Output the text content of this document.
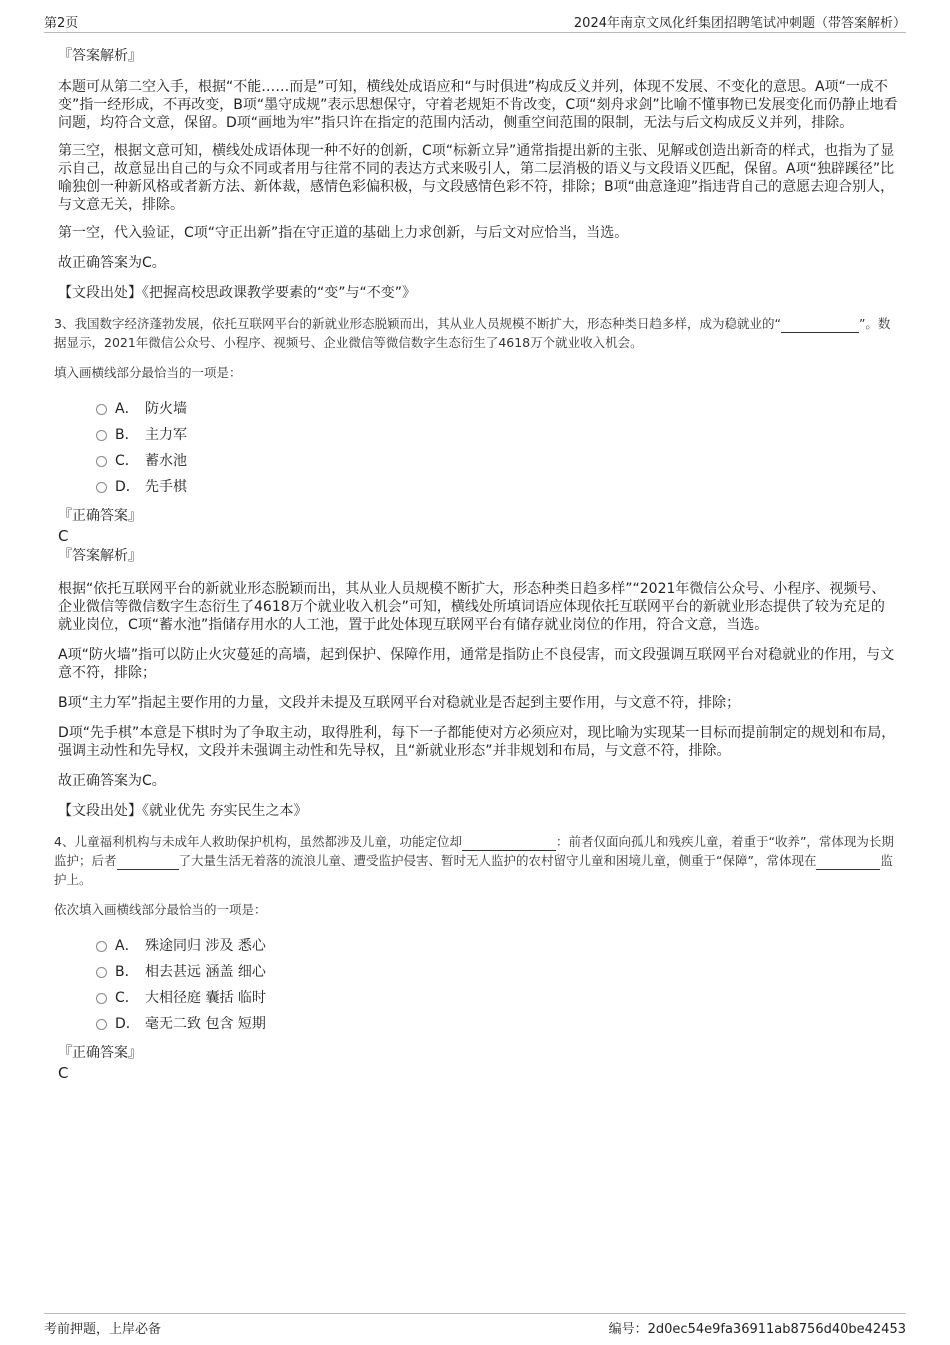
第2页	2024年南京文凤化纤集团招聘笔试冲刺题（带答案解析）

『答案解析』

本题可从第二空入手，根据“不能……而是”可知，横线处成语应和“与时俱进”构成反义并列，体现不发展、不变化的意思。A项“一成不变”指一经形成，不再改变，B项“墨守成规”表示思想保守，守着老规矩不肯改变，C项“刻舟求剑”比喻不懂事物已发展变化而仍静止地看问题，均符合文意，保留。D项“画地为牢”指只许在指定的范围内活动，侧重空间范围的限制，无法与后文构成反义并列，排除。

第三空，根据文意可知，横线处成语体现一种不好的创新，C项“标新立异”通常指提出新的主张、见解或创造出新奇的样式，也指为了显示自己，故意显出自己的与众不同或者用与往常不同的表达方式来吸引人，第二层消极的语义与文段语义匹配，保留。A项“独辟蹊径”比喻独创一种新风格或者新方法、新体裁，感情色彩偏积极，与文段感情色彩不符，排除；B项“曲意逢迎”指违背自己的意愿去迎合别人，与文意无关，排除。

第一空，代入验证，C项“守正出新”指在守正道的基础上力求创新，与后文对应恰当，当选。

故正确答案为C。

【文段出处】《把握高校思政课教学要素的“变”与“不变”》

3、我国数字经济蓬勃发展，依托互联网平台的新就业形态脱颖而出，其从业人员规模不断扩大，形态种类日趋多样，成为稳就业的“	”。数据显示，2021年微信公众号、小程序、视频号、企业微信等微信数字生态衍生了4618万个就业收入机会。

填入画横线部分最恰当的一项是：

A． 防火墙
B． 主力军
C． 蓄水池
D． 先手棋

『正确答案』

C

『答案解析』

根据“依托互联网平台的新就业形态脱颖而出，其从业人员规模不断扩大，形态种类日趋多样”“2021年微信公众号、小程序、视频号、企业微信等微信数字生态衍生了4618万个就业收入机会”可知，横线处所填词语应体现依托互联网平台的新就业形态提供了较为充足的就业岗位，C项“蓄水池”指储存用水的人工池，置于此处体现互联网平台有储存就业岗位的作用，符合文意，当选。

A项“防火墙”指可以防止火灾蔓延的高墙，起到保护、保障作用，通常是指防止不良侵害，而文段强调互联网平台对稳就业的作用，与文意不符，排除；

B项“主力军”指起主要作用的力量，文段并未提及互联网平台对稳就业是否起到主要作用，与文意不符，排除；

D项“先手棋”本意是下棋时为了争取主动，取得胜利，每下一子都能使对方必须应对，现比喻为实现某一目标而提前制定的规划和布局，强调主动性和先导权，文段并未强调主动性和先导权，且“新就业形态”并非规划和布局，与文意不符，排除。

故正确答案为C。

【文段出处】《就业优先 夯实民生之本》

4、儿童福利机构与未成年人救助保护机构，虽然都涉及儿童，功能定位却	：前者仅面向孤儿和残疾儿童，着重于“收养”，常体现为长期监护；后者	了大量生活无着落的流浪儿童、遭受监护侵害、暂时无人监护的农村留守儿童和困境儿童，侧重于“保障”，常体现在	监护上。

依次填入画横线部分最恰当的一项是：

A． 殊途同归 涉及 悉心
B． 相去甚远 涵盖 细心
C． 大相径庭 囊括 临时
D． 毫无二致 包含 短期

『正确答案』

C

考前押题，上岸必备	编号：2d0ec54e9fa36911ab8756d40be42453
